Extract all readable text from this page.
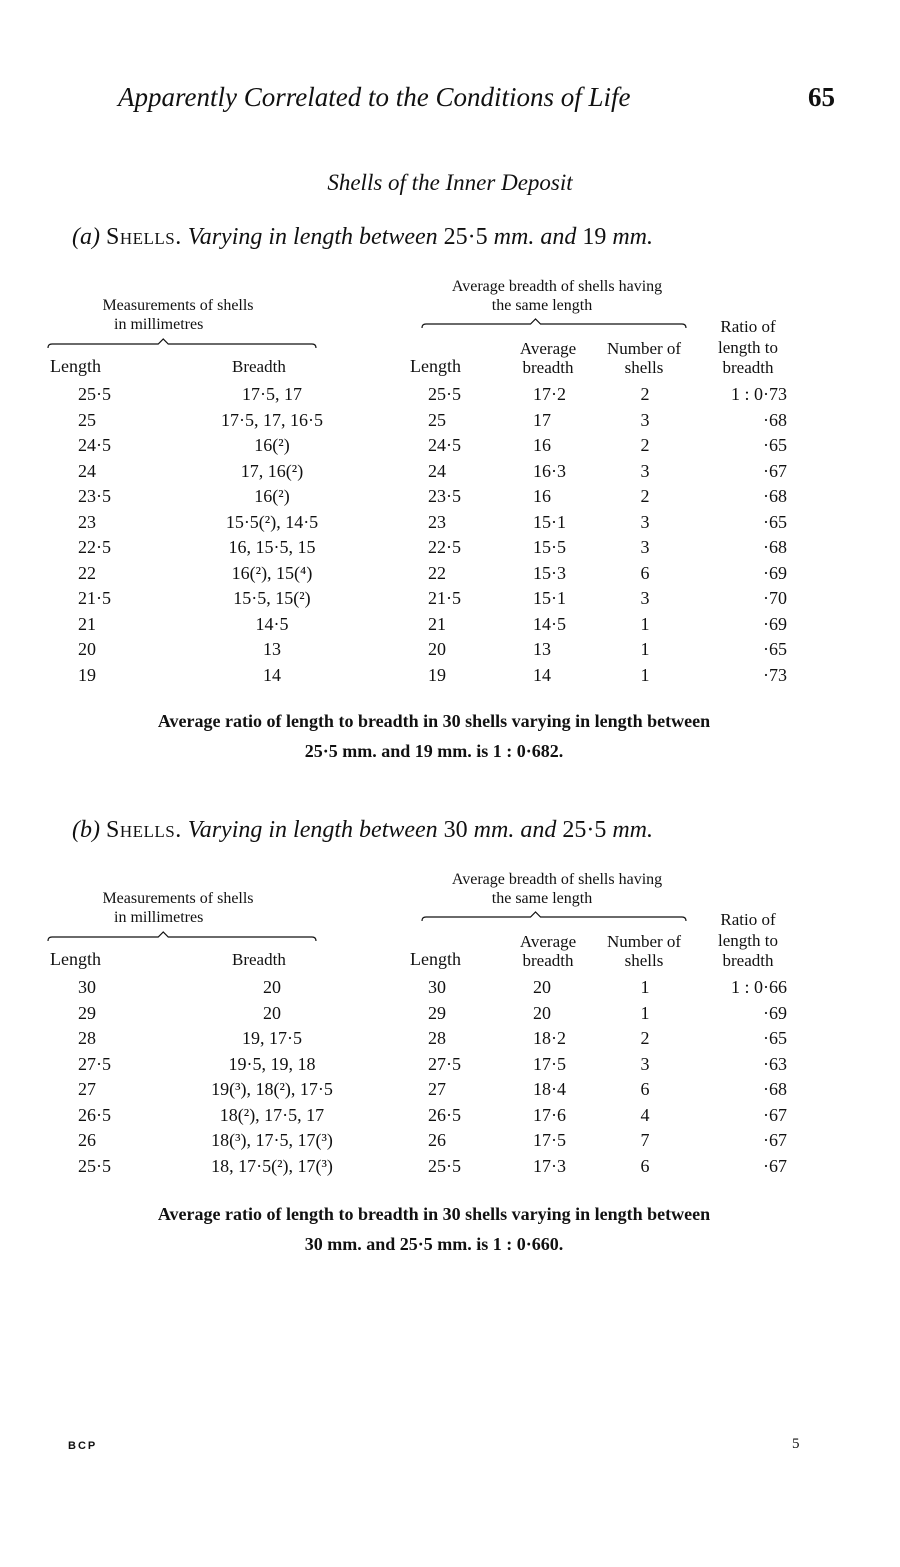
Apparently Correlated to the Conditions of Life	65
Shells of the Inner Deposit
(a) Shells. Varying in length between 25·5 mm. and 19 mm.
Measurements of shells
in millimetres
Average breadth of shells having
the same length
Length	Breadth	Length
Average
breadth
Number of
shells
Ratio of
length to
breadth
25·5	17·5, 17	25·5	17·2	2	1 : 0·73
25	17·5, 17, 16·5	25	17	3	·68
24·5	16(²)	24·5	16	2	·65
24	17, 16(²)	24	16·3	3	·67
23·5	16(²)	23·5	16	2	·68
23	15·5(²), 14·5	23	15·1	3	·65
22·5	16, 15·5, 15	22·5	15·5	3	·68
22	16(²), 15(⁴)	22	15·3	6	·69
21·5	15·5, 15(²)	21·5	15·1	3	·70
21	14·5	21	14·5	1	·69
20	13	20	13	1	·65
19	14	19	14	1	·73
Average ratio of length to breadth in 30 shells varying in length between
25·5 mm. and 19 mm. is 1 : 0·682.
(b) Shells. Varying in length between 30 mm. and 25·5 mm.
Measurements of shells
in millimetres
Average breadth of shells having
the same length
Length	Breadth	Length
Average
breadth
Number of
shells
Ratio of
length to
breadth
30	20	30	20	1	1 : 0·66
29	20	29	20	1	·69
28	19, 17·5	28	18·2	2	·65
27·5	19·5, 19, 18	27·5	17·5	3	·63
27	19(³), 18(²), 17·5	27	18·4	6	·68
26·5	18(²), 17·5, 17	26·5	17·6	4	·67
26	18(³), 17·5, 17(³)	26	17·5	7	·67
25·5	18, 17·5(²), 17(³)	25·5	17·3	6	·67
Average ratio of length to breadth in 30 shells varying in length between
30 mm. and 25·5 mm. is 1 : 0·660.
BCP	5
